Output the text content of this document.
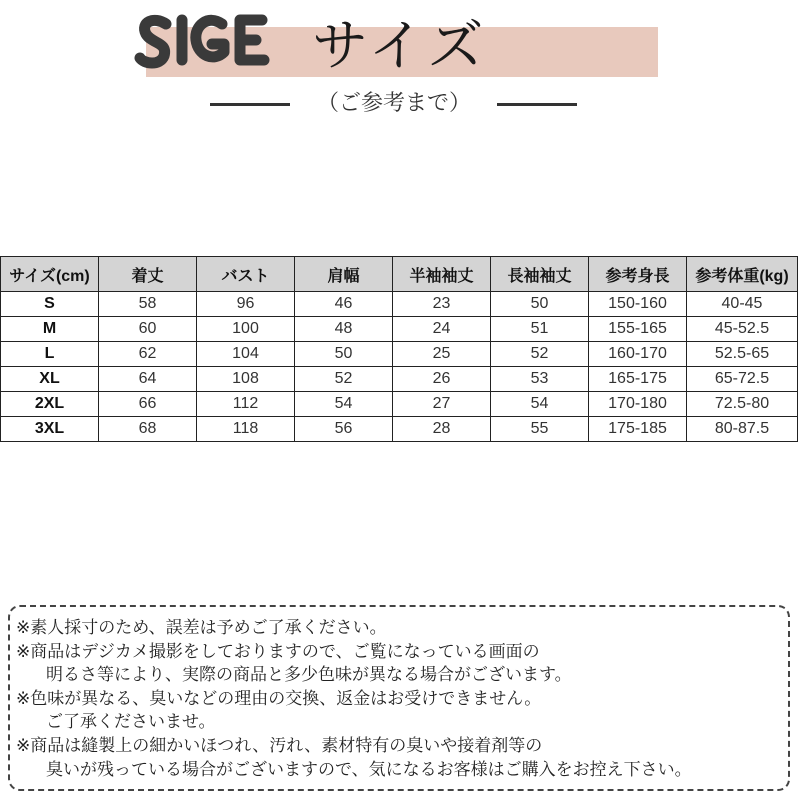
サイズ
（ご参考まで）
サイズ(cm)	着丈	バスト	肩幅	半袖袖丈	長袖袖丈	参考身長	参考体重(kg)
S	58	96	46	23	50	150-160	40-45
M	60	100	48	24	51	155-165	45-52.5
L	62	104	50	25	52	160-170	52.5-65
XL	64	108	52	26	53	165-175	65-72.5
2XL	66	112	54	27	54	170-180	72.5-80
3XL	68	118	56	28	55	175-185	80-87.5
※素人採寸のため、誤差は予めご了承ください。
※商品はデジカメ撮影をしておりますので、ご覧になっている画面の
明るさ等により、実際の商品と多少色味が異なる場合がございます。
※色味が異なる、臭いなどの理由の交換、返金はお受けできません。
ご了承くださいませ。
※商品は縫製上の細かいほつれ、汚れ、素材特有の臭いや接着剤等の
臭いが残っている場合がございますので、気になるお客様はご購入をお控え下さい。
